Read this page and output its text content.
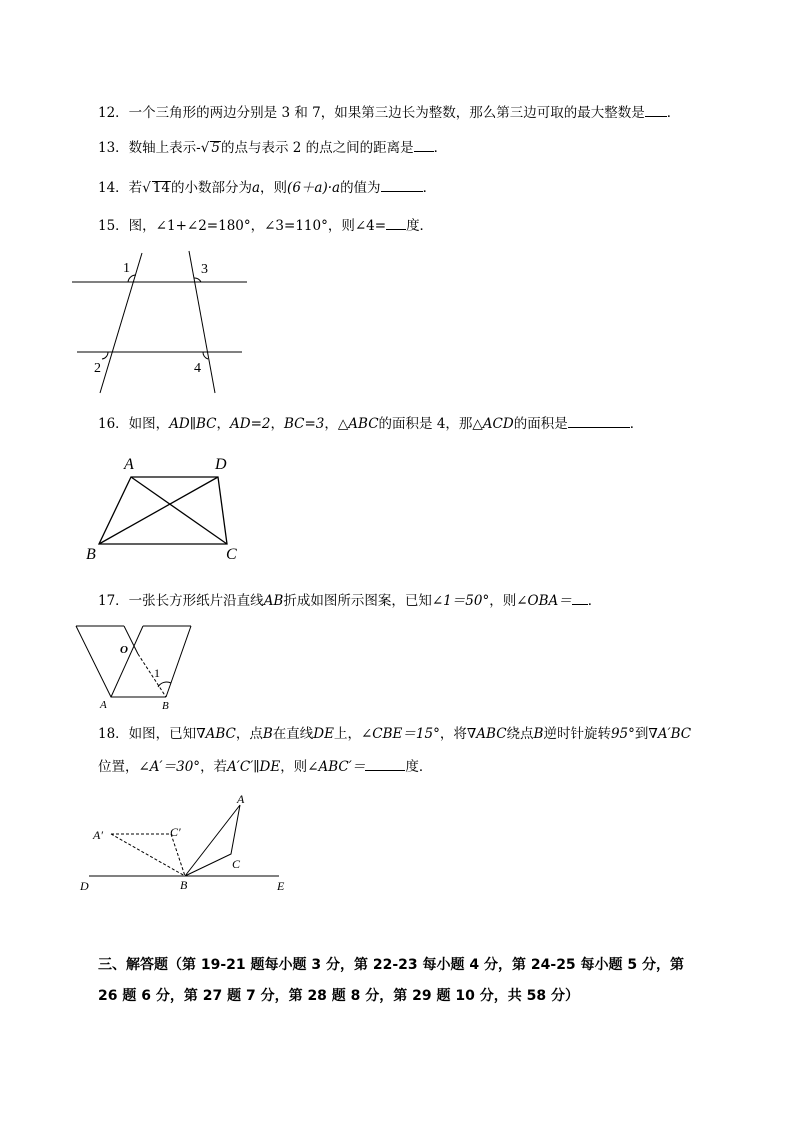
12．一个三角形的两边分别是 3 和 7，如果第三边长为整数，那么第三边可取的最大整数是 ．
13．数轴上表示-√ 5的点与表示 2 的点之间的距离是 ．
14．若√ 14的小数部分为a，则(6＋a)·a的值为	．
15．图，∠1+∠2=180°，∠3=110°，则∠4= 度．
1	3
2	4
16．如图，AD∥BC，AD=2，BC=3，△ABC的面积是 4，那△ACD的面积是	．
A	D
B	C
17．一张长方形纸片沿直线AB折成如图所示图案，已知∠1＝50°，则∠OBA＝ ．
O
1
A	B
18．如图，已知∇ABC，点B在直线DE上，∠CBE＝15°，将∇ABC绕点B逆时针旋转95°到∇A′BC
位置，∠A′＝30°，若A′C′∥DE，则∠ABC′＝	度．
A
C
A′	C′
B
D	E
三、解答题（第 19-21 题每小题 3 分，第 22-23 每小题 4 分，第 24-25 每小题 5 分，第 26 题 6 分，第 27 题 7 分，第 28 题 8 分，第 29 题 10 分，共 58 分）
